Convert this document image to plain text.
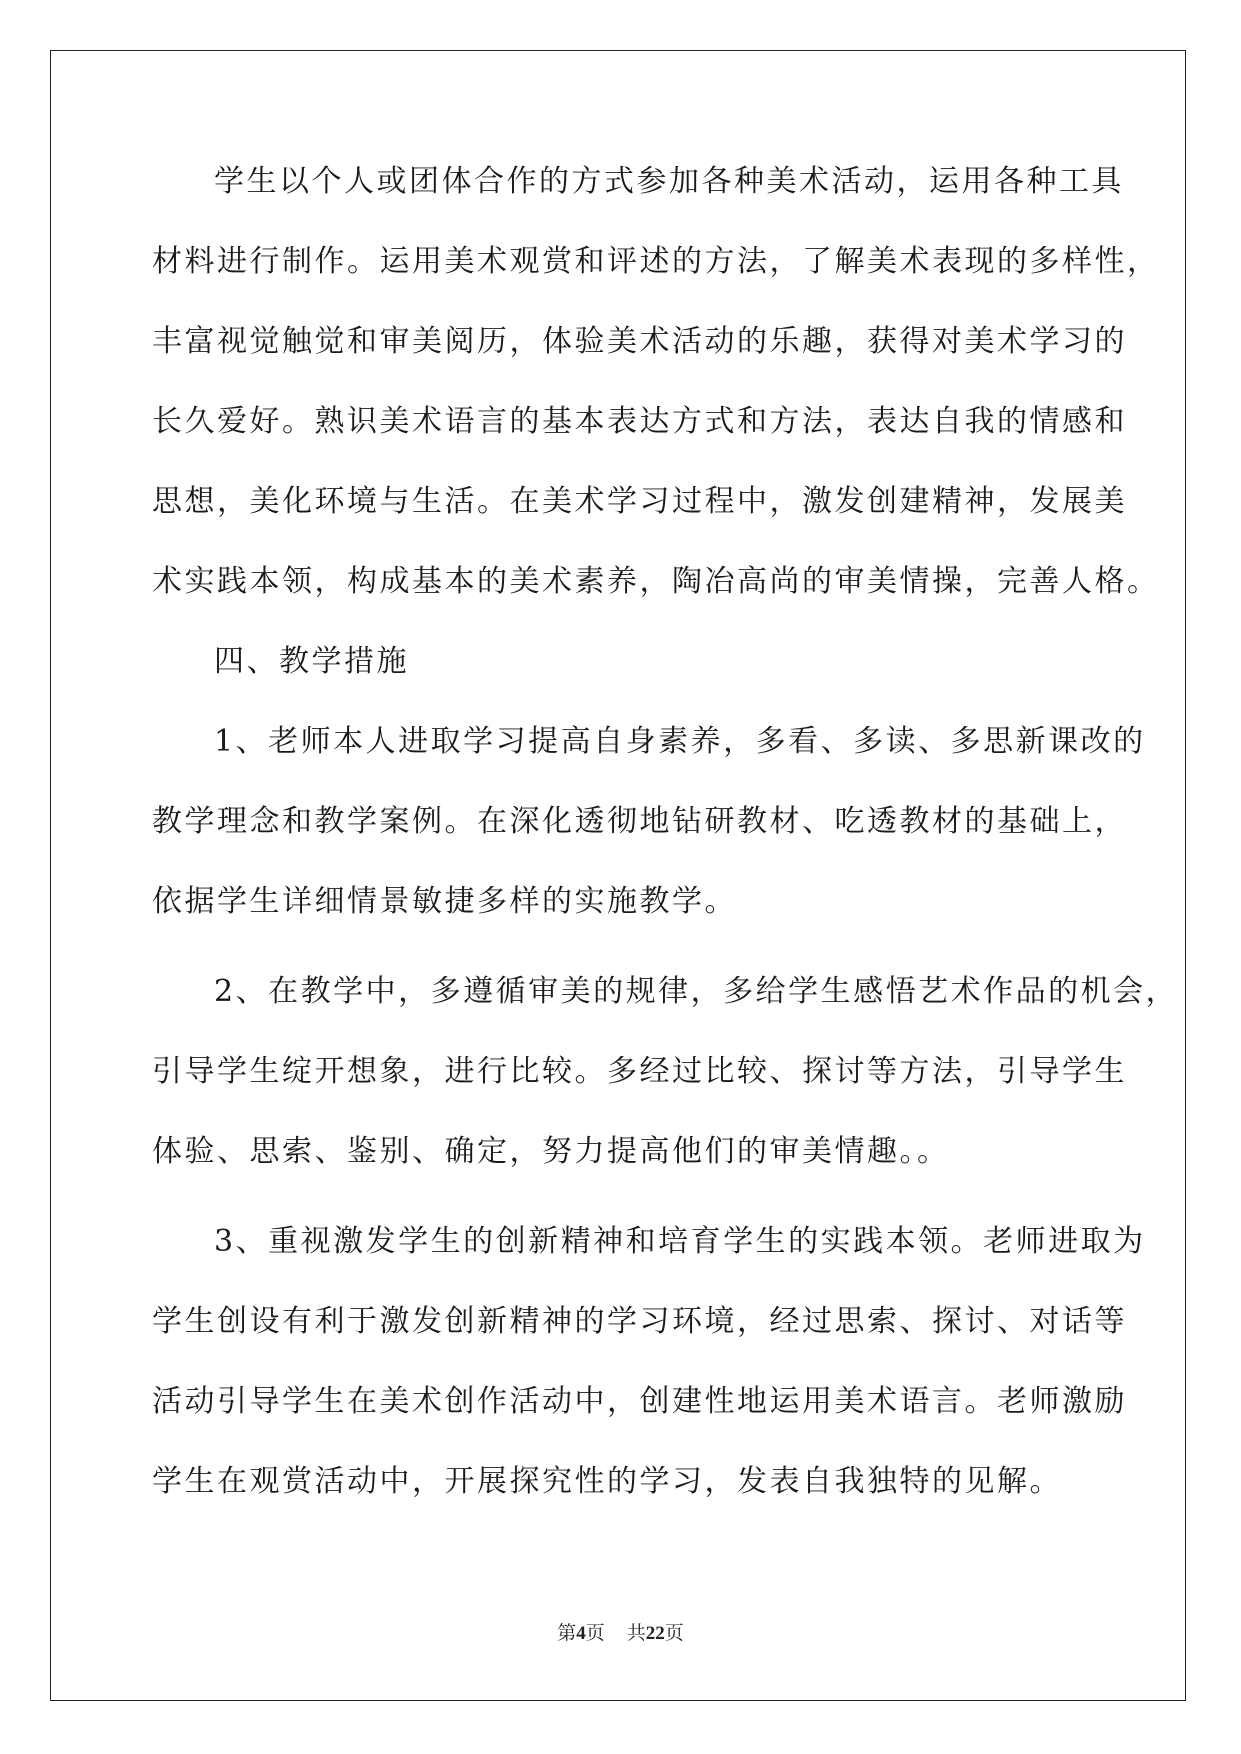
学生以个人或团体合作的方式参加各种美术活动，运用各种工具
材料进行制作。运用美术观赏和评述的方法，了解美术表现的多样性，
丰富视觉触觉和审美阅历，体验美术活动的乐趣，获得对美术学习的
长久爱好。熟识美术语言的基本表达方式和方法，表达自我的情感和
思想，美化环境与生活。在美术学习过程中，激发创建精神，发展美
术实践本领，构成基本的美术素养，陶冶高尚的审美情操，完善人格。
四、教学措施
1、老师本人进取学习提高自身素养，多看、多读、多思新课改的
教学理念和教学案例。在深化透彻地钻研教材、吃透教材的基础上，
依据学生详细情景敏捷多样的实施教学。
2、在教学中，多遵循审美的规律，多给学生感悟艺术作品的机会，
引导学生绽开想象，进行比较。多经过比较、探讨等方法，引导学生
体验、思索、鉴别、确定，努力提高他们的审美情趣。。
3、重视激发学生的创新精神和培育学生的实践本领。老师进取为
学生创设有利于激发创新精神的学习环境，经过思索、探讨、对话等
活动引导学生在美术创作活动中，创建性地运用美术语言。老师激励
学生在观赏活动中，开展探究性的学习，发表自我独特的见解。
第4页 共22页
